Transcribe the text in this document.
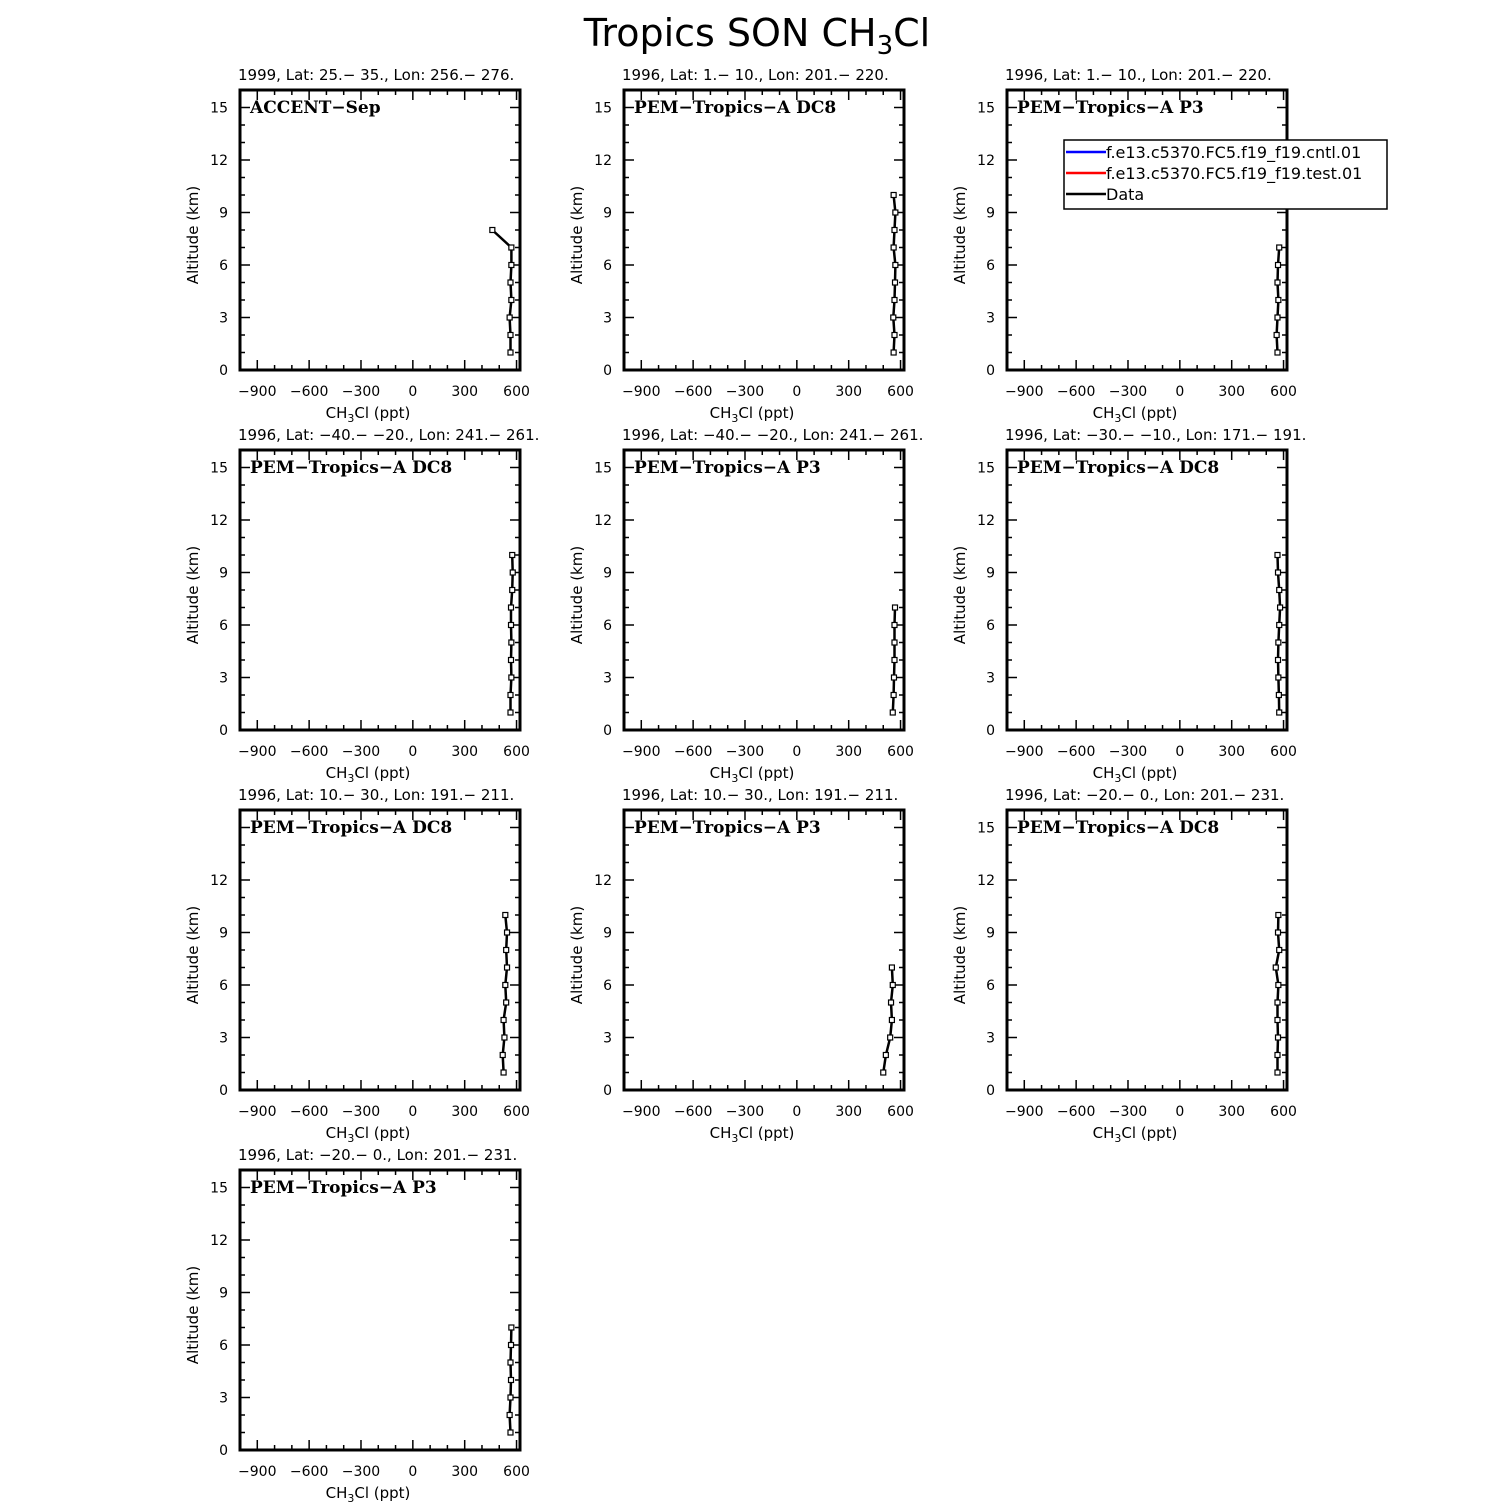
Tropics SON $CH_3Cl$
1999, Lat: 25.− 35., Lon: 256.− 276.
−900 −600 −300 0 300 600
0
3
6
9
12
15
$CH_3Cl$ (ppt)
Altitude (km)
ACCENT−Sep
1996, Lat: 1.− 10., Lon: 201.− 220.
−900 −600 −300 0 300 600
0
3
6
9
12
15
$CH_3Cl$ (ppt)
Altitude (km)
PEM−Tropics−A DC8
1996, Lat: 1.− 10., Lon: 201.− 220.
−900 −600 −300 0 300 600
0
3
6
9
12
15
$CH_3Cl$ (ppt)
Altitude (km)
PEM−Tropics−A P3
1996, Lat: −40.− −20., Lon: 241.− 261.
−900 −600 −300 0 300 600
0
3
6
9
12
15
$CH_3Cl$ (ppt)
Altitude (km)
PEM−Tropics−A DC8
1996, Lat: −40.− −20., Lon: 241.− 261.
−900 −600 −300 0 300 600
0
3
6
9
12
15
$CH_3Cl$ (ppt)
Altitude (km)
PEM−Tropics−A P3
1996, Lat: −30.− −10., Lon: 171.− 191.
−900 −600 −300 0 300 600
0
3
6
9
12
15
$CH_3Cl$ (ppt)
Altitude (km)
PEM−Tropics−A DC8
1996, Lat: 10.− 30., Lon: 191.− 211.
−900 −600 −300 0 300 600
0
3
6
9
12
$CH_3Cl$ (ppt)
Altitude (km)
PEM−Tropics−A DC8
1996, Lat: 10.− 30., Lon: 191.− 211.
−900 −600 −300 0 300 600
0
3
6
9
12
$CH_3Cl$ (ppt)
Altitude (km)
PEM−Tropics−A P3
1996, Lat: −20.− 0., Lon: 201.− 231.
−900 −600 −300 0 300 600
0
3
6
9
12
15
$CH_3Cl$ (ppt)
Altitude (km)
PEM−Tropics−A DC8
1996, Lat: −20.− 0., Lon: 201.− 231.
−900 −600 −300 0 300 600
0
3
6
9
12
15
$CH_3Cl$ (ppt)
Altitude (km)
PEM−Tropics−A P3
f.e13.c5370.FC5.f19_f19.cntl.01
f.e13.c5370.FC5.f19_f19.test.01
Data
